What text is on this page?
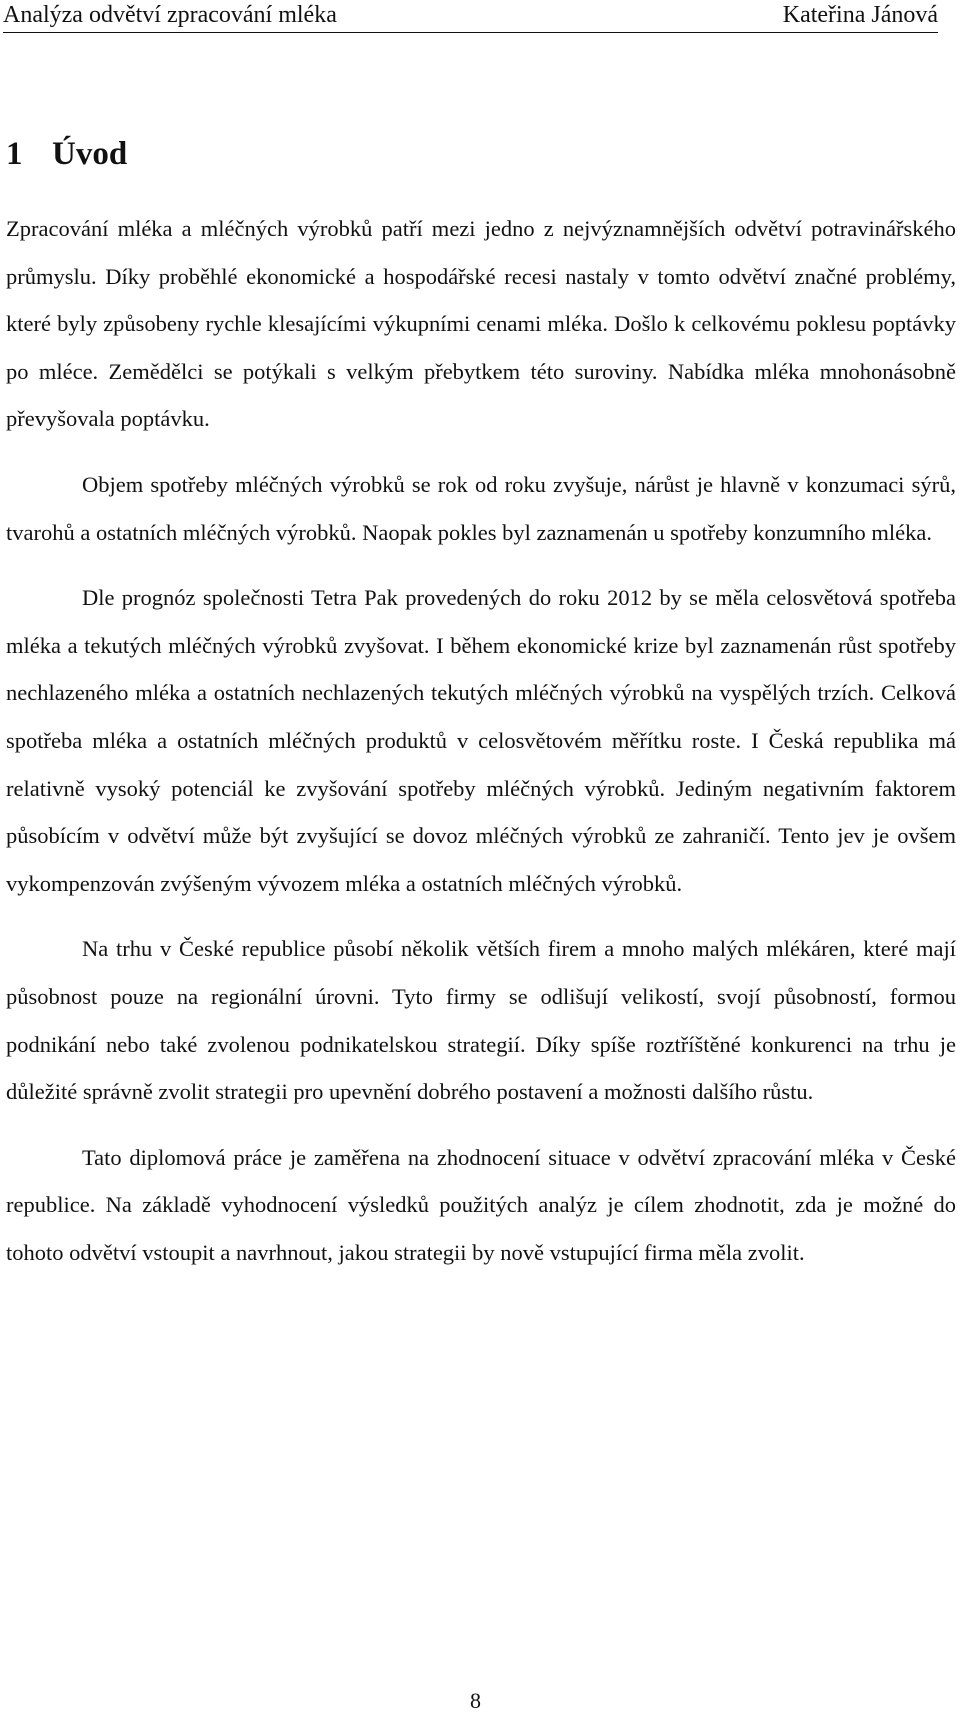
Analýza odvětví zpracování mléka	Kateřina Jánová
1 Úvod

Zpracování mléka a mléčných výrobků patří mezi jedno z nejvýznamnějších odvětví potravinářského průmyslu. Díky proběhlé ekonomické a hospodářské recesi nastaly v tomto odvětví značné problémy, které byly způsobeny rychle klesajícími výkupními cenami mléka. Došlo k celkovému poklesu poptávky po mléce. Zemědělci se potýkali s velkým přebytkem této suroviny. Nabídka mléka mnohonásobně převyšovala poptávku.

Objem spotřeby mléčných výrobků se rok od roku zvyšuje, nárůst je hlavně v konzumaci sýrů, tvarohů a ostatních mléčných výrobků. Naopak pokles byl zaznamenán u spotřeby konzumního mléka.

Dle prognóz společnosti Tetra Pak provedených do roku 2012 by se měla celosvětová spotřeba mléka a tekutých mléčných výrobků zvyšovat. I během ekonomické krize byl zaznamenán růst spotřeby nechlazeného mléka a ostatních nechlazených tekutých mléčných výrobků na vyspělých trzích. Celková spotřeba mléka a ostatních mléčných produktů v celosvětovém měřítku roste. I Česká republika má relativně vysoký potenciál ke zvyšování spotřeby mléčných výrobků. Jediným negativním faktorem působícím v odvětví může být zvyšující se dovoz mléčných výrobků ze zahraničí. Tento jev je ovšem vykompenzován zvýšeným vývozem mléka a ostatních mléčných výrobků.

Na trhu v České republice působí několik větších firem a mnoho malých mlékáren, které mají působnost pouze na regionální úrovni. Tyto firmy se odlišují velikostí, svojí působností, formou podnikání nebo také zvolenou podnikatelskou strategií. Díky spíše roztříštěné konkurenci na trhu je důležité správně zvolit strategii pro upevnění dobrého postavení a možnosti dalšího růstu.

Tato diplomová práce je zaměřena na zhodnocení situace v odvětví zpracování mléka v České republice. Na základě vyhodnocení výsledků použitých analýz je cílem zhodnotit, zda je možné do tohoto odvětví vstoupit a navrhnout, jakou strategii by nově vstupující firma měla zvolit.

8
